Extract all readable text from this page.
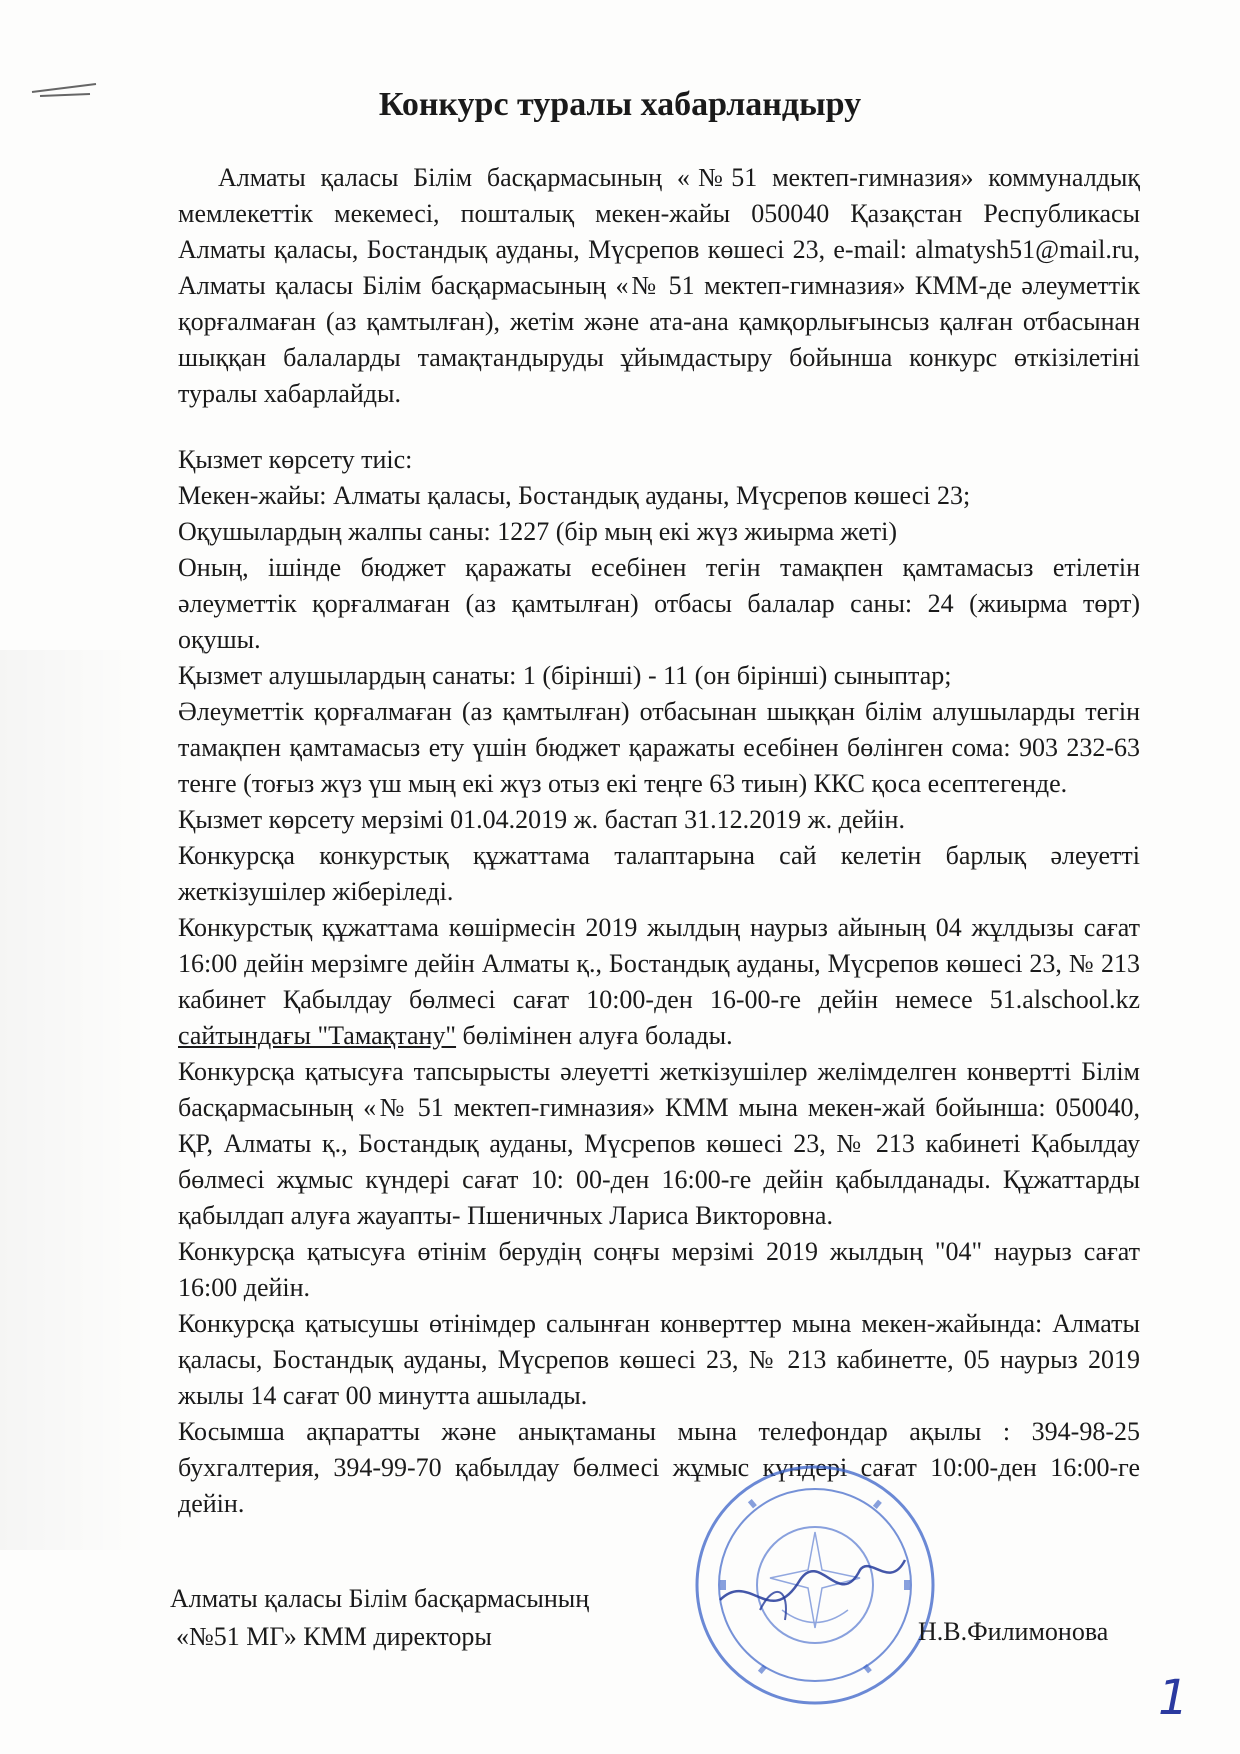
Конкурс туралы хабарландыру

Алматы қаласы Білім басқармасының «№51 мектеп-гимназия» коммуналдық мемлекеттік мекемесі, пошталық мекен-жайы 050040 Қазақстан Республикасы Алматы қаласы, Бостандық ауданы, Мүсрепов көшесі 23, e-mail: almatysh51@mail.ru, Алматы қаласы Білім басқармасының «№ 51 мектеп-гимназия» КММ-де әлеуметтік қорғалмаған (аз қамтылған), жетім және ата-ана қамқорлығынсыз қалған отбасынан шыққан балаларды тамақтандыруды ұйымдастыру бойынша конкурс өткізілетіні туралы хабарлайды.

Қызмет көрсету тиіс:

Мекен-жайы: Алматы қаласы, Бостандық ауданы, Мүсрепов көшесі 23;

Оқушылардың жалпы саны: 1227 (бір мың екі жүз жиырма жеті)

Оның, ішінде бюджет қаражаты есебінен тегін тамақпен қамтамасыз етілетін әлеуметтік қорғалмаған (аз қамтылған) отбасы балалар саны: 24 (жиырма төрт) оқушы.

Қызмет алушылардың санаты: 1 (бірінші) - 11 (он бірінші) сыныптар;

Әлеуметтік қорғалмаған (аз қамтылған) отбасынан шыққан білім алушыларды тегін тамақпен қамтамасыз ету үшін бюджет қаражаты есебінен бөлінген сома: 903 232-63 тенге (тоғыз жүз үш мың екі жүз отыз екі теңге 63 тиын) ККС қоса есептегенде.

Қызмет көрсету мерзімі 01.04.2019 ж. бастап 31.12.2019 ж. дейін.

Конкурсқа конкурстық құжаттама талаптарына сай келетін барлық әлеуетті жеткізушілер жіберіледі.

Конкурстық құжаттама көшірмесін 2019 жылдың наурыз айының 04 жұлдызы сағат 16:00 дейін мерзімге дейін Алматы қ., Бостандық ауданы, Мүсрепов көшесі 23, № 213 кабинет Қабылдау бөлмесі сағат 10:00-ден 16-00-ге дейін немесе 51.alschool.kz сайтындағы "Тамақтану" бөлімінен алуға болады.

Конкурсқа қатысуға тапсырысты әлеуетті жеткізушілер желімделген конвертті Білім басқармасының «№ 51 мектеп-гимназия» КММ мына мекен-жай бойынша: 050040, ҚР, Алматы қ., Бостандық ауданы, Мүсрепов көшесі 23, № 213 кабинеті Қабылдау бөлмесі жұмыс күндері сағат 10: 00-ден 16:00-ге дейін қабылданады. Құжаттарды қабылдап алуға жауапты- Пшеничных Лариса Викторовна.

Конкурсқа қатысуға өтінім берудің соңғы мерзімі 2019 жылдың "04" наурыз сағат 16:00 дейін.

Конкурсқа қатысушы өтінімдер салынған конверттер мына мекен-жайында: Алматы қаласы, Бостандық ауданы, Мүсрепов көшесі 23, № 213 кабинетте, 05 наурыз 2019 жылы 14 сағат 00 минутта ашылады.

Косымша ақпаратты және анықтаманы мына телефондар ақылы : 394-98-25 бухгалтерия, 394-99-70 қабылдау бөлмесі жұмыс күндері сағат 10:00-ден 16:00-ге дейін.

Алматы қаласы Білім басқармасының
«№51 МГ» КММ директоры	Н.В.Филимонова
1
